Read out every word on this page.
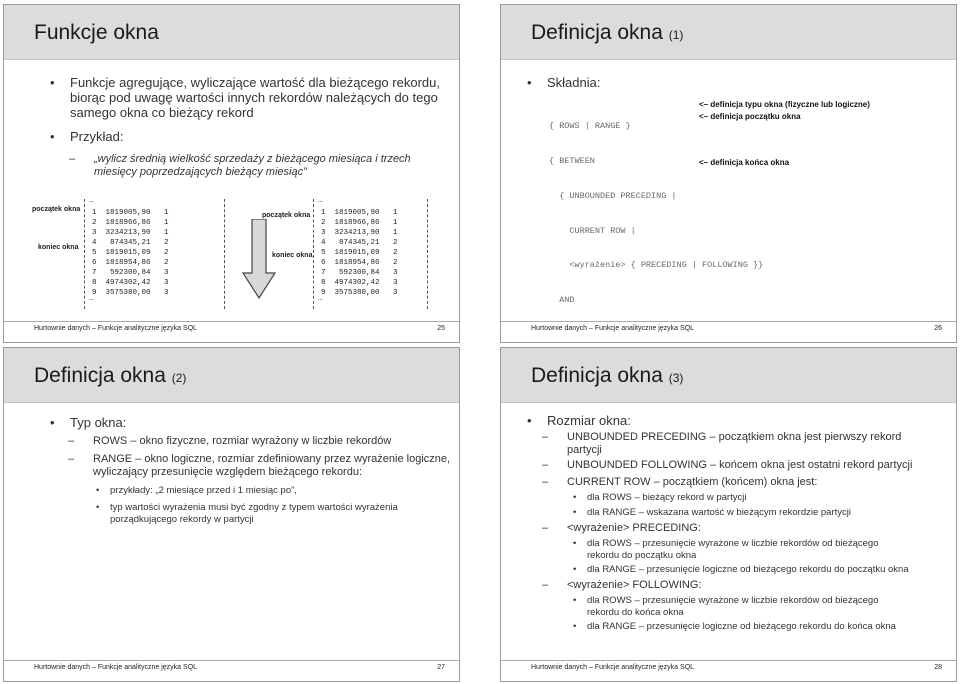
Funkcje okna
• Funkcje agregujące, wyliczające wartość dla bieżącego rekordu, biorąc pod uwagę wartości innych rekordów należących do tego samego okna co bieżący rekord
• Przykład:
– „wylicz średnią wielkość sprzedaży z bieżącego miesiąca i trzech miesięcy poprzedzających bieżący miesiąc”
początek okna
koniec okna
…
1  1819005,90   1
2  1818966,86   1
3  3234213,90   1
4   874345,21   2
5  1819015,09   2
6  1818954,86   2
7   592300,84   3
8  4974302,42   3
9  3575380,00   3
…
początek okna
koniec okna
…
1  1819005,90   1
2  1818966,86   1
3  3234213,90   1
4   874345,21   2
5  1819015,09   2
6  1818954,86   2
7   592300,84   3
8  4974302,42   3
9  3575380,00   3
…
Hurtownie danych – Funkcje analityczne języka SQL	25
Definicja okna (1)
• Składnia:

{ ROWS | RANGE }

{ BETWEEN

{ UNBOUNDED PRECEDING |

CURRENT ROW |

<wyrażenie> { PRECEDING | FOLLOWING }}

AND

<– definicja typu okna (fizyczne lub logiczne)
<– definicja początku okna
<– definicja końca okna
Hurtownie danych – Funkcje analityczne języka SQL	26
Definicja okna (2)
• Typ okna:
– ROWS – okno fizyczne, rozmiar wyrażony w liczbie rekordów
– RANGE – okno logiczne, rozmiar zdefiniowany przez wyrażenie logiczne, wyliczający przesunięcie względem bieżącego rekordu:
• przykłady: „2 miesiące przed i 1 miesiąc po”,
• typ wartości wyrażenia musi być zgodny z typem wartości wyrażenia porządkującego rekordy w partycji
Hurtownie danych – Funkcje analityczne języka SQL	27
Definicja okna (3)
• Rozmiar okna:
– UNBOUNDED PRECEDING – początkiem okna jest pierwszy rekord partycji
– UNBOUNDED FOLLOWING – końcem okna jest ostatni rekord partycji
– CURRENT ROW – początkiem (końcem) okna jest:
• dla ROWS – bieżący rekord w partycji
• dla RANGE – wskazana wartość w bieżącym rekordzie partycji
– <wyrażenie> PRECEDING:
• dla ROWS – przesunięcie wyrażone w liczbie rekordów od bieżącego rekordu do początku okna
• dla RANGE – przesunięcie logiczne od bieżącego rekordu do początku okna
– <wyrażenie> FOLLOWING:
• dla ROWS – przesunięcie wyrażone w liczbie rekordów od bieżącego rekordu do końca okna
• dla RANGE – przesunięcie logiczne od bieżącego rekordu do końca okna
Hurtownie danych – Funkcje analityczne języka SQL	28
